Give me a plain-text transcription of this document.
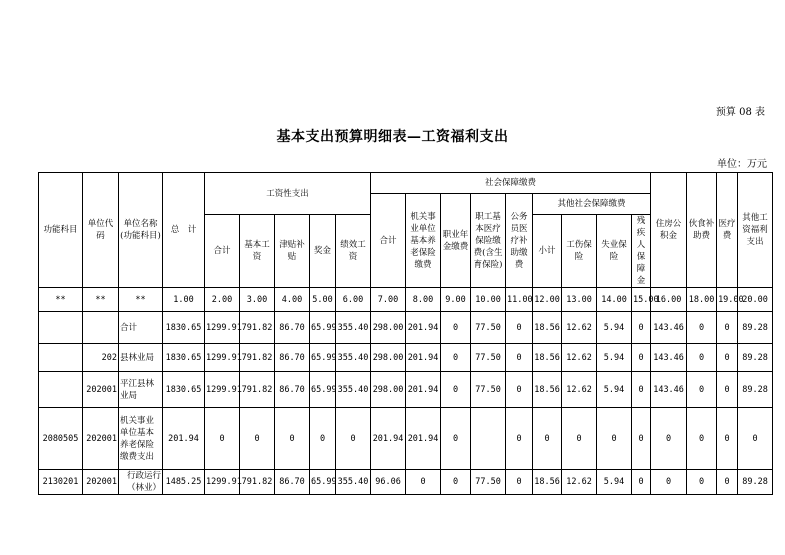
预算 08 表
基本支出预算明细表—工资福利支出
单位：万元
功能科目	单位代码	单位名称(功能科目)	总　计	工资性支出					社会保障缴费									住房公积金	伙食补助费	医疗费	其他工资福利支出
									合计	机关事业单位基本养老保险缴费	职业年金缴费	职工基本医疗保险缴费(含生育保险)	公务员医疗补助缴费	其他社会保障缴费							
				合计	基本工资	津贴补贴	奖金	绩效工资						小计	工伤保险	失业保险	残疾人保障金				
**	**	**	1.00	2.00	3.00	4.00	5.00	6.00	7.00	8.00	9.00	10.00	11.00	12.00	13.00	14.00	15.00	16.00	18.00	19.00	20.00
		合计	1830.65	1299.91	791.82	86.70	65.99	355.40	298.00	201.94	0	77.50	0	18.56	12.62	5.94	0	143.46	0	0	89.28
	202	县林业局	1830.65	1299.91	791.82	86.70	65.99	355.40	298.00	201.94	0	77.50	0	18.56	12.62	5.94	0	143.46	0	0	89.28
	202001	平江县林业局	1830.65	1299.91	791.82	86.70	65.99	355.40	298.00	201.94	0	77.50	0	18.56	12.62	5.94	0	143.46	0	0	89.28
2080505	202001	机关事业单位基本养老保险缴费支出	201.94	0	0	0	0	0	201.94	201.94	0		0	0	0	0	0	0	0	0	0
2130201	202001	行政运行（林业）	1485.25	1299.91	791.82	86.70	65.99	355.40	96.06	0	0	77.50	0	18.56	12.62	5.94	0	0	0	0	89.28
